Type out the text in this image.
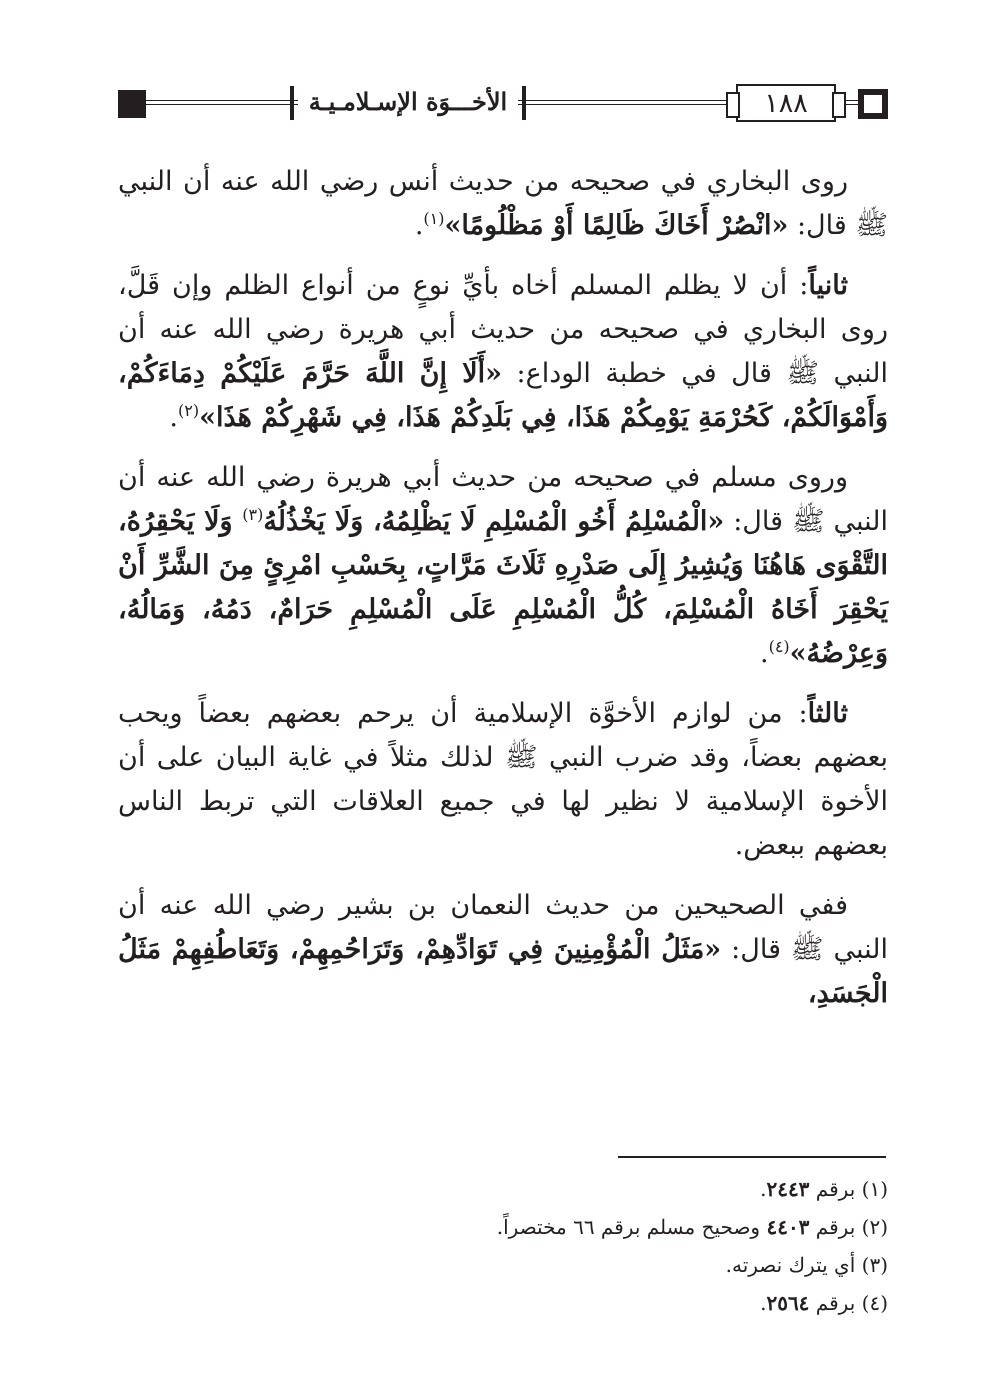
١٨٨
الأخـــوَة الإسـلامـيـة

روى البخاري في صحيحه من حديث أنس رضي الله عنه أن النبي ﷺ قال: «انْصُرْ أَخَاكَ ظَالِمًا أَوْ مَظْلُومًا»$^{(١)}$.

ثانياً: أن لا يظلم المسلم أخاه بأيِّ نوعٍ من أنواع الظلم وإن قَلَّ، روى البخاري في صحيحه من حديث أبي هريرة رضي الله عنه أن النبي ﷺ قال في خطبة الوداع: «أَلَا إِنَّ اللَّهَ حَرَّمَ عَلَيْكُمْ دِمَاءَكُمْ، وَأَمْوَالَكُمْ، كَحُرْمَةِ يَوْمِكُمْ هَذَا، فِي بَلَدِكُمْ هَذَا، فِي شَهْرِكُمْ هَذَا»$^{(٢)}$.

وروى مسلم في صحيحه من حديث أبي هريرة رضي الله عنه أن النبي ﷺ قال: «الْمُسْلِمُ أَخُو الْمُسْلِمِ لَا يَظْلِمُهُ، وَلَا يَخْذُلُهُ$^{(٣)}$ وَلَا يَحْقِرُهُ، التَّقْوَى هَاهُنَا وَيُشِيرُ إِلَى صَدْرِهِ ثَلَاثَ مَرَّاتٍ، بِحَسْبِ امْرِئٍ مِنَ الشَّرِّ أَنْ يَحْقِرَ أَخَاهُ الْمُسْلِمَ، كُلُّ الْمُسْلِمِ عَلَى الْمُسْلِمِ حَرَامٌ، دَمُهُ، وَمَالُهُ، وَعِرْضُهُ»$^{(٤)}$.

ثالثاً: من لوازم الأخوَّة الإسلامية أن يرحم بعضهم بعضاً ويحب بعضهم بعضاً، وقد ضرب النبي ﷺ لذلك مثلاً في غاية البيان على أن الأخوة الإسلامية لا نظير لها في جميع العلاقات التي تربط الناس بعضهم ببعض.

ففي الصحيحين من حديث النعمان بن بشير رضي الله عنه أن النبي ﷺ قال: «مَثَلُ الْمُؤْمِنِينَ فِي تَوَادِّهِمْ، وَتَرَاحُمِهِمْ، وَتَعَاطُفِهِمْ مَثَلُ الْجَسَدِ،

(١) برقم ٢٤٤٣.

(٢) برقم ٤٤٠٣ وصحيح مسلم برقم ٦٦ مختصراً.

(٣) أي يترك نصرته.

(٤) برقم ٢٥٦٤.
